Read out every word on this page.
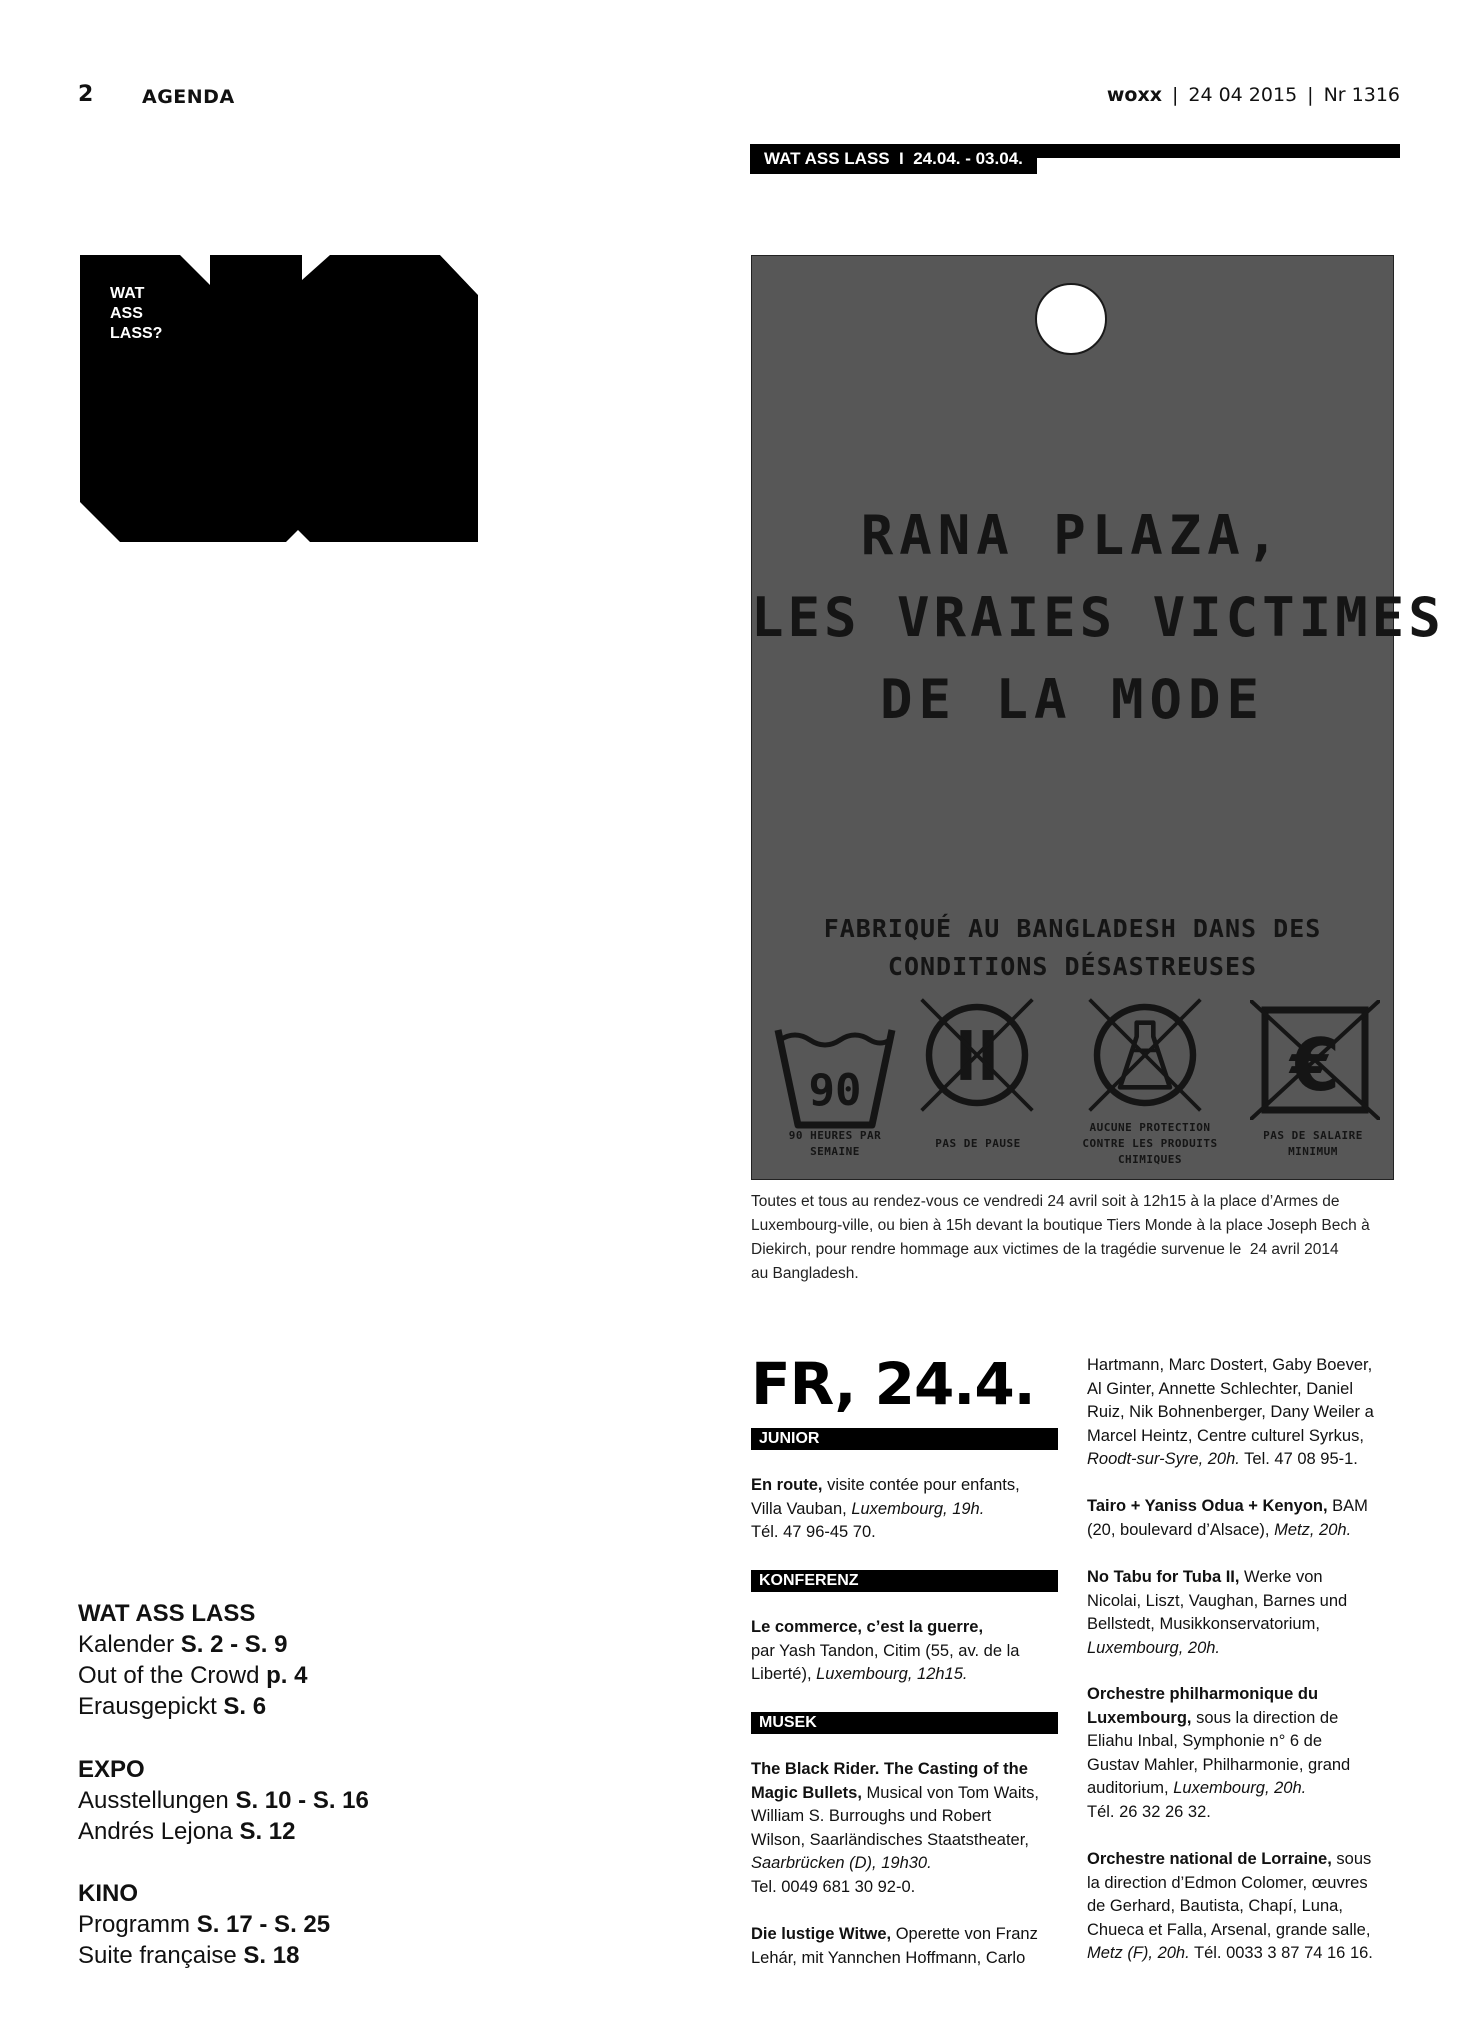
2	AGENDA	woxx | 24 04 2015 | Nr 1316
WAT ASS LASS  I  24.04. - 03.04.
WAT
ASS
LASS?
RANA PLAZA,
LES VRAIES VICTIMES
DE LA MODE
FABRIQUÉ AU BANGLADESH DANS DES
CONDITIONS DÉSASTREUSES
90	€
90 HEURES PAR
SEMAINE
PAS DE PAUSE
AUCUNE PROTECTION
CONTRE LES PRODUITS
CHIMIQUES
PAS DE SALAIRE
MINIMUM
Toutes et tous au rendez-vous ce vendredi 24 avril soit à 12h15 à la place d’Armes de
Luxembourg-ville, ou bien à 15h devant la boutique Tiers Monde à la place Joseph Bech à
Diekirch, pour rendre hommage aux victimes de la tragédie survenue le  24 avril 2014
au Bangladesh.
WAT ASS LASS
Kalender S. 2 - S. 9
Out of the Crowd p. 4
Erausgepickt S. 6
EXPO
Ausstellungen S. 10 - S. 16
Andrés Lejona S. 12
KINO
Programm S. 17 - S. 25
Suite française S. 18
FR, 24.4.
JUNIOR
En route, visite contée pour enfants,
Villa Vauban, Luxembourg, 19h.
Tél. 47 96-45 70.
KONFERENZ
Le commerce, c’est la guerre,
par Yash Tandon, Citim (55, av. de la
Liberté), Luxembourg, 12h15.
MUSEK
The Black Rider. The Casting of the
Magic Bullets, Musical von Tom Waits,
William S. Burroughs und Robert
Wilson, Saarländisches Staatstheater,
Saarbrücken (D), 19h30.
Tel. 0049 681 30 92-0.
Die lustige Witwe, Operette von Franz
Lehár, mit Yannchen Hoffmann, Carlo
Hartmann, Marc Dostert, Gaby Boever,
Al Ginter, Annette Schlechter, Daniel
Ruiz, Nik Bohnenberger, Dany Weiler a
Marcel Heintz, Centre culturel Syrkus,
Roodt-sur-Syre, 20h. Tel. 47 08 95-1.
Tairo + Yaniss Odua + Kenyon, BAM
(20, boulevard d’Alsace), Metz, 20h.
No Tabu for Tuba II, Werke von
Nicolai, Liszt, Vaughan, Barnes und
Bellstedt, Musikkonservatorium,
Luxembourg, 20h.
Orchestre philharmonique du
Luxembourg, sous la direction de
Eliahu Inbal, Symphonie n° 6 de
Gustav Mahler, Philharmonie, grand
auditorium, Luxembourg, 20h.
Tél. 26 32 26 32.
Orchestre national de Lorraine, sous
la direction d’Edmon Colomer, œuvres
de Gerhard, Bautista, Chapí, Luna,
Chueca et Falla, Arsenal, grande salle,
Metz (F), 20h. Tél. 0033 3 87 74 16 16.
